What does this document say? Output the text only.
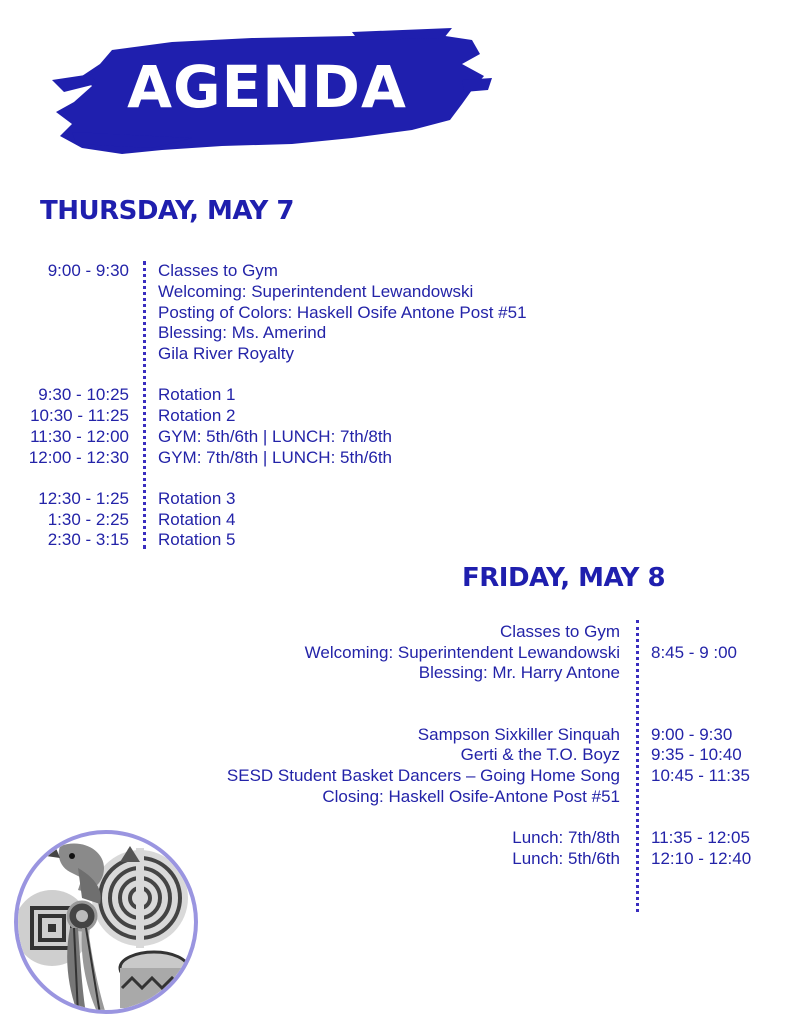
AGENDA
THURSDAY, MAY 7
9:00 - 9:30 Classes to Gym
Welcoming: Superintendent Lewandowski
Posting of Colors: Haskell Osife Antone Post #51
Blessing: Ms. Amerind
Gila River Royalty
9:30 - 10:25 Rotation 1
10:30 - 11:25 Rotation 2
11:30 - 12:00 GYM: 5th/6th | LUNCH: 7th/8th
12:00 - 12:30 GYM: 7th/8th | LUNCH: 5th/6th
12:30 - 1:25 Rotation 3
1:30 - 2:25 Rotation 4
2:30 - 3:15 Rotation 5
FRIDAY, MAY 8
Classes to Gym
Welcoming: Superintendent Lewandowski 8:45 - 9 :00
Blessing: Mr. Harry Antone
Sampson Sixkiller Sinquah 9:00 - 9:30
Gerti & the T.O. Boyz 9:35 - 10:40
SESD Student Basket Dancers – Going Home Song 10:45 - 11:35
Closing: Haskell Osife-Antone Post #51
Lunch: 7th/8th 11:35 - 12:05
Lunch: 5th/6th 12:10 - 12:40
